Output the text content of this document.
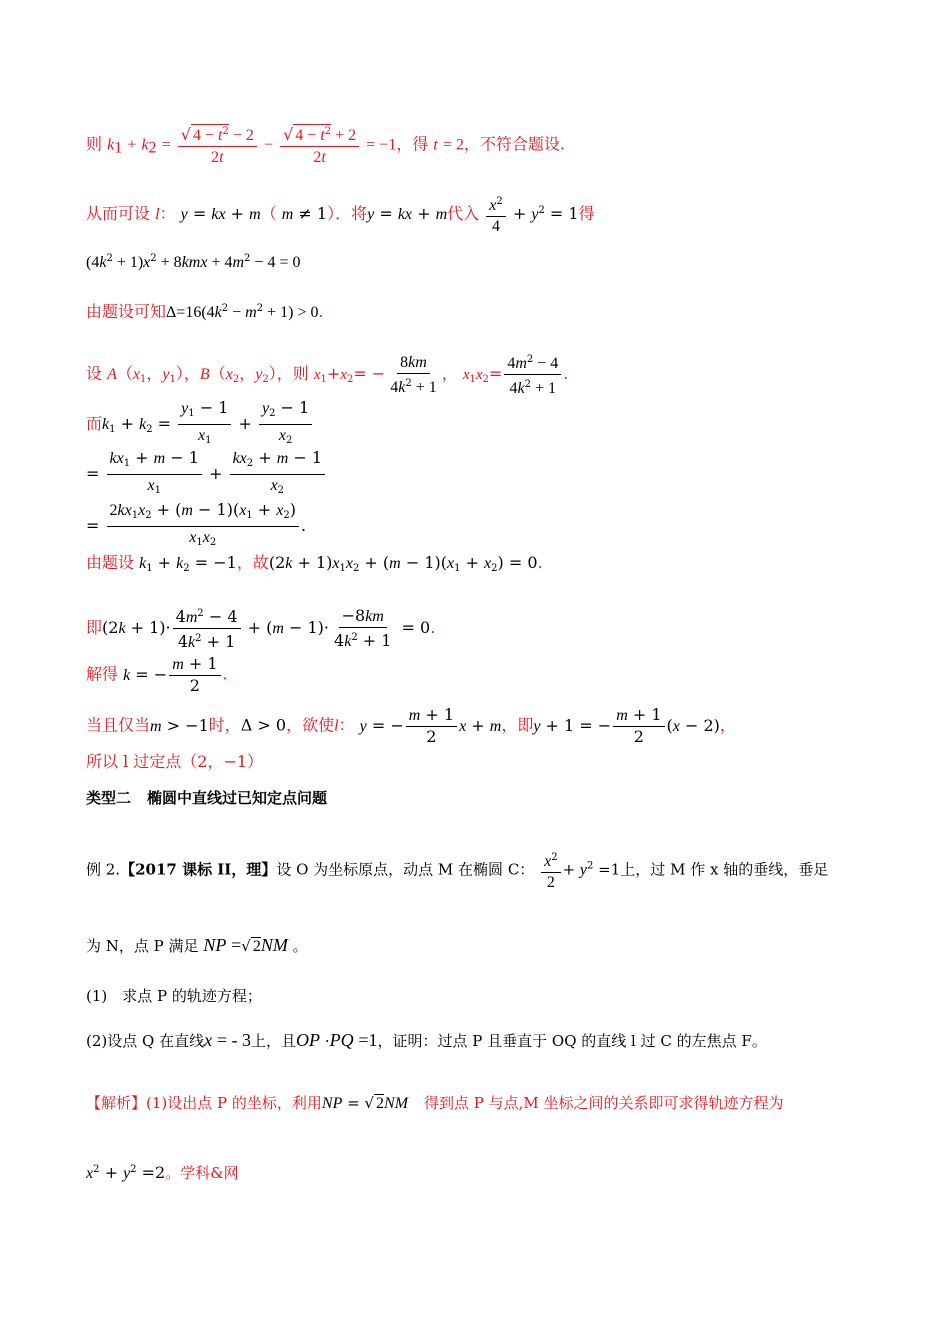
则 $k_1 + k_2 = \frac{√ 4 - t^2 - 2}{2t} - \frac{√ 4 - t^2 + 2}{2t} = -1$，得 t = 2，不符合题设.
从而可设 l： y = kx + m（ m ≠ 1）．将y = kx + m代入 $\frac{x^2}{4} + y^2 = 1$得
$(4k^2 + 1)x^2 + 8kmx + 4m^2 - 4 = 0$
由题设可知$\Delta=16(4k^2 - m^2 + 1) > 0$.
设 $A(x_1$，$y_1$），$B(x_2$，$y_2$），则 $x_1+x_2= - \frac{8km}{4k^2 + 1}$ ， $x_1x_2= \frac{4m^2 - 4}{4k^2 + 1}$ .
而$k_1 + k_2 = \frac{y_1 - 1}{x_1} + \frac{y_2 - 1}{x_2}$
= $\frac{kx_1 + m - 1}{x_1} + \frac{kx_2 + m - 1}{x_2}$
= $\frac{2kx_1x_2 + (m - 1)(x_1 + x_2)}{x_1x_2}$ .
由题设 $k_1 + k_2 = -1$，故$(2k + 1)x_1x_2 + (m - 1)(x_1 + x_2) = 0$.
即$(2k + 1)\cdot \frac{4m^2 - 4}{4k^2 + 1} + (m - 1)\cdot \frac{-8km}{4k^2 + 1} = 0$.
解得 k = − $\frac{m + 1}{2}$ .
当且仅当m > −1时，Δ > 0，欲使l： y = − $\frac{m + 1}{2}$ x + m，即y + 1 = − $\frac{m + 1}{2} (x - 2)$，
所以 l 过定点（2，−1）
类型二 椭圆中直线过已知定点问题
例 2.【2017 课标 II，理】设 O 为坐标原点，动点 M 在椭圆 C： $\frac{x^2}{2} + y^2 =1$上，过 M 作 x 轴的垂线，垂足
为 N，点 P 满足 NP =√ 2NM 。
(1)　求点 P 的轨迹方程；
(2)设点 Q 在直线x = - 3上，且OP ·PQ =1，证明：过点 P 且垂直于 OQ 的直线 l 过 C 的左焦点 F。
【解析】(1)设出点 P 的坐标，利用NP = √ 2NM 得到点 P 与点,M 坐标之间的关系即可求得轨迹方程为
$x^2 + y^2 =2$。学科&网
